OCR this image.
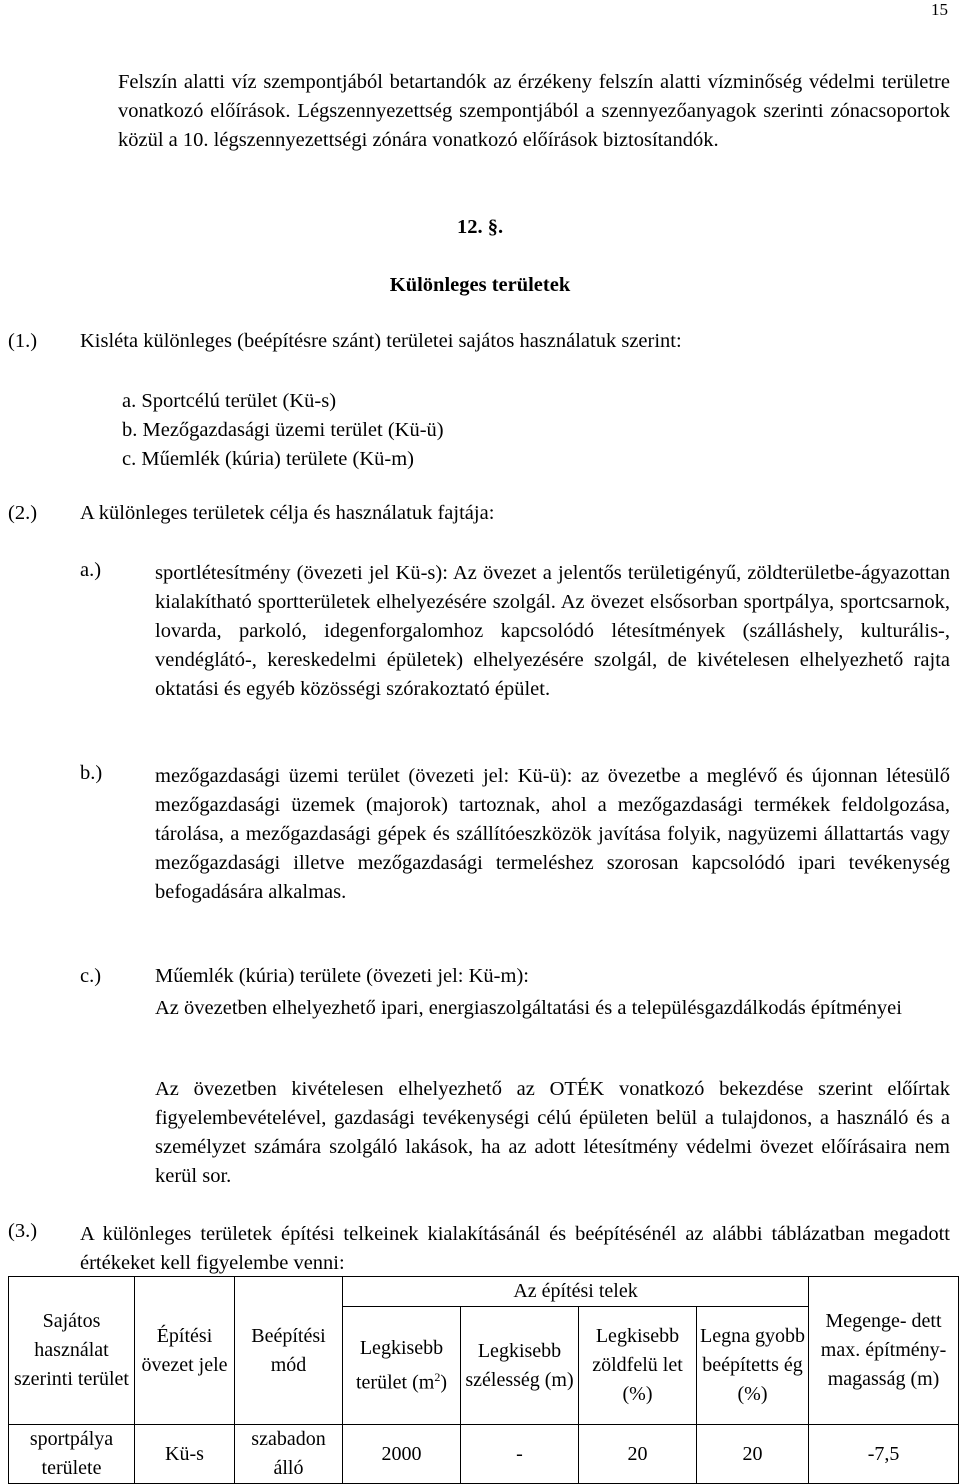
15
Felszín alatti víz szempontjából betartandók az érzékeny felszín alatti vízminőség védelmi területre vonatkozó előírások. Légszennyezettség szempontjából a szennyezőanyagok szerinti zónacsoportok közül a 10. légszennyezettségi zónára vonatkozó előírások biztosítandók.
12. §.
Különleges területek
(1.) Kisléta különleges (beépítésre szánt) területei sajátos használatuk szerint:
a. Sportcélú terület (Kü-s)
b. Mezőgazdasági üzemi terület (Kü-ü)
c. Műemlék (kúria) területe (Kü-m)
(2.) A különleges területek célja és használatuk fajtája:
a.)	sportlétesítmény (övezeti jel Kü-s): Az övezet a jelentős területigényű, zöldterületbe-ágyazottan kialakítható sportterületek elhelyezésére szolgál. Az övezet elsősorban sportpálya, sportcsarnok, lovarda, parkoló, idegenforgalomhoz kapcsolódó létesítmények (szálláshely, kulturális-, vendéglátó-, kereskedelmi épületek) elhelyezésére szolgál, de kivételesen elhelyezhető rajta oktatási és egyéb közösségi szórakoztató épület.
b.)	mezőgazdasági üzemi terület (övezeti jel: Kü-ü): az övezetbe a meglévő és újonnan létesülő mezőgazdasági üzemek (majorok) tartoznak, ahol a mezőgazdasági termékek feldolgozása, tárolása, a mezőgazdasági gépek és szállítóeszközök javítása folyik, nagyüzemi állattartás vagy mezőgazdasági illetve mezőgazdasági termeléshez szorosan kapcsolódó ipari tevékenység befogadására alkalmas.
c.)	Műemlék (kúria) területe (övezeti jel: Kü-m):
Az övezetben elhelyezhető ipari, energiaszolgáltatási és a településgazdálkodás építményei
Az övezetben kivételesen elhelyezhető az OTÉK vonatkozó bekezdése szerint előírtak figyelembevételével, gazdasági tevékenységi célú épületen belül a tulajdonos, a használó és a személyzet számára szolgáló lakások, ha az adott létesítmény védelmi övezet előírásaira nem kerül sor.
(3.) A különleges területek építési telkeinek kialakításánál és beépítésénél az alábbi táblázatban megadott értékeket kell figyelembe venni:
Sajátos használat szerinti terület	Építési övezet jele	Beépítési mód	Az építési telek				Megenge- dett max. építmény- magasság (m)
			Legkisebb terület $(m^2)$	Legkisebb szélesség (m)	Legkisebb zöldfelü let (%)	Legna gyobb beépítetts ég (%)	
sportpálya területe	Kü-s	szabadon álló	2000	-	20	20	-7,5
